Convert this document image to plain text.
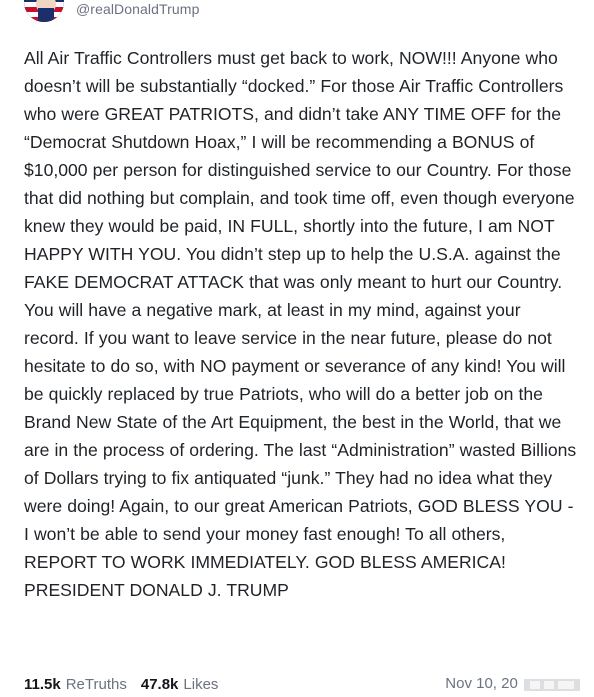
@realDonaldTrump

All Air Traffic Controllers must get back to work, NOW!!! Anyone who doesn’t will be substantially “docked.” For those Air Traffic Controllers who were GREAT PATRIOTS, and didn’t take ANY TIME OFF for the “Democrat Shutdown Hoax,” I will be recommending a BONUS of $10,000 per person for distinguished service to our Country. For those that did nothing but complain, and took time off, even though everyone knew they would be paid, IN FULL, shortly into the future, I am NOT HAPPY WITH YOU. You didn’t step up to help the U.S.A. against the FAKE DEMOCRAT ATTACK that was only meant to hurt our Country. You will have a negative mark, at least in my mind, against your record. If you want to leave service in the near future, please do not hesitate to do so, with NO payment or severance of any kind! You will be quickly replaced by true Patriots, who will do a better job on the Brand New State of the Art Equipment, the best in the World, that we are in the process of ordering. The last “Administration” wasted Billions of Dollars trying to fix antiquated “junk.” They had no idea what they were doing! Again, to our great American Patriots, GOD BLESS YOU - I won’t be able to send your money fast enough! To all others, REPORT TO WORK IMMEDIATELY. GOD BLESS AMERICA! PRESIDENT DONALD J. TRUMP

11.5k ReTruths 47.8k Likes	Nov 10, 20
